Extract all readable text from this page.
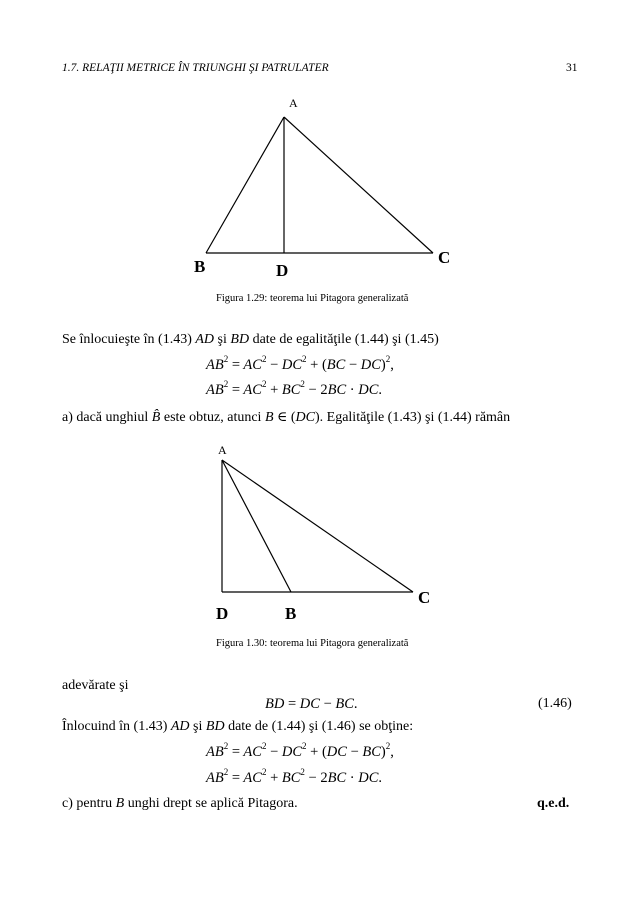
1.7. RELAŢII METRICE ÎN TRIUNGHI ŞI PATRULATER	31
A
B	D
C
Figura 1.29: teorema lui Pitagora generalizată
Se înlocuieşte în (1.43) AD şi BD date de egalităţile (1.44) şi (1.45)
$AB^2 = AC^2 - DC^2 + (BC - DC)^2$,
$AB^2 = AC^2 + BC^2 - 2BC$ · DC.
a) dacă unghiul B̂ este obtuz, atunci B ∈ (DC). Egalităţile (1.43) şi (1.44) rămân
A
D	B
C
Figura 1.30: teorema lui Pitagora generalizată
adevărate şi
BD = DC − BC.	(1.46)
Înlocuind în (1.43) AD şi BD date de (1.44) şi (1.46) se obţine:
$AB^2 = AC^2 - DC^2 + (DC - BC)^2$,
$AB^2 = AC^2 + BC^2 - 2BC$ · DC.
c) pentru B unghi drept se aplică Pitagora.	q.e.d.
